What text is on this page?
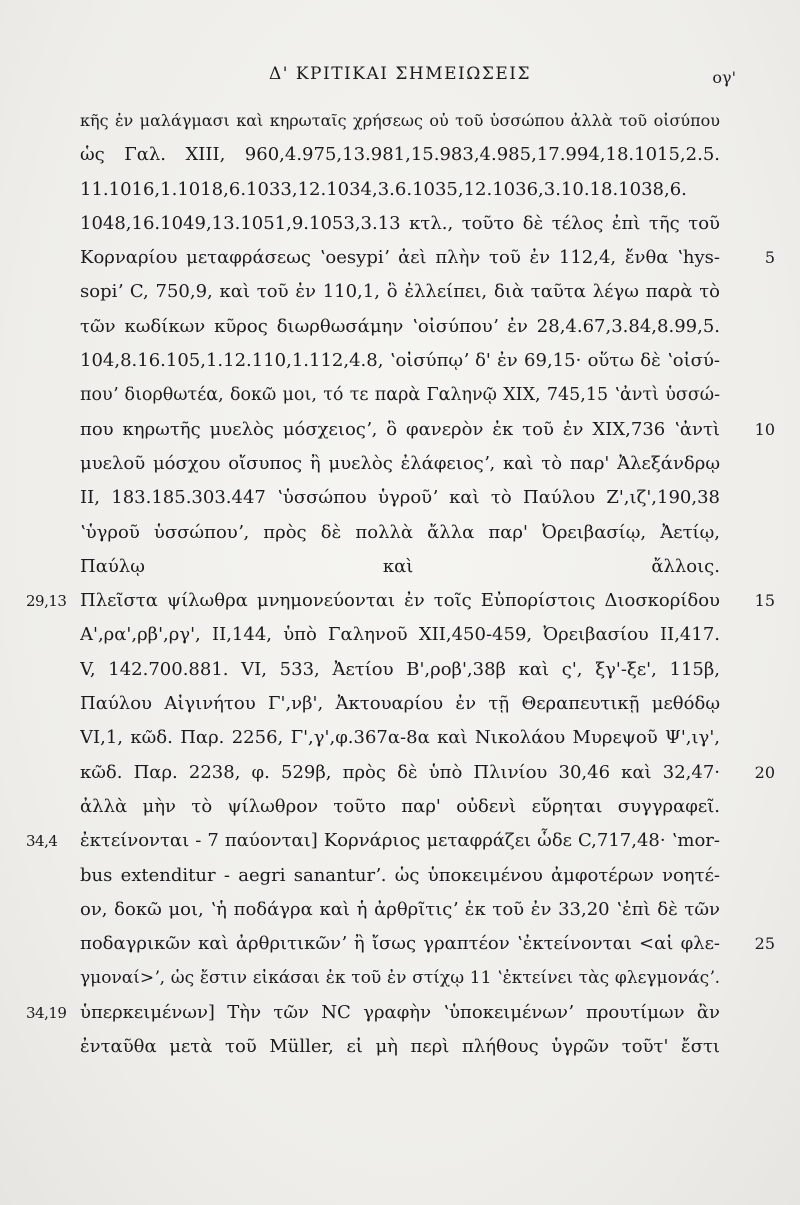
Δ' ΚΡΙΤΙΚΑΙ ΣΗΜΕΙΩΣΕΙΣ	ογ'
κῆς ἐν μαλάγμασι καὶ κηρωταῖς χρήσεως οὐ τοῦ ὑσσώπου ἀλλὰ τοῦ οἰσύπου
ὡς Γαλ. XIII, 960,4.975,13.981,15.983,4.985,17.994,18.1015,2.5.
11.1016,1.1018,6.1033,12.1034,3.6.1035,12.1036,3.10.18.1038,6.
1048,16.1049,13.1051,9.1053,3.13 κτλ., τοῦτο δὲ τέλος ἐπὶ τῆς τοῦ
Κορναρίου μεταφράσεως ʽoesypiʼ ἀεὶ πλὴν τοῦ ἐν 112,4, ἔνθα ʽhys-	5
sopiʼ C, 750,9, καὶ τοῦ ἐν 110,1, ὃ ἐλλείπει, διὰ ταῦτα λέγω παρὰ τὸ
τῶν κωδίκων κῦρος διωρθωσάμην ʽοἰσύπουʼ ἐν 28,4.67,3.84,8.99,5.
104,8.16.105,1.12.110,1.112,4.8, ʽοἰσύπῳʼ δ' ἐν 69,15· οὕτω δὲ ʽοἰσύ-
πουʼ διορθωτέα, δοκῶ μοι, τό τε παρὰ Γαληνῷ XIX, 745,15 ʽἀντὶ ὑσσώ-
που κηρωτῆς μυελὸς μόσχειοςʼ, ὃ φανερὸν ἐκ τοῦ ἐν XIX,736 ʽἀντὶ	10
μυελοῦ μόσχου οἴσυπος ἢ μυελὸς ἐλάφειοςʼ, καὶ τὸ παρ' Ἀλεξάνδρῳ
II, 183.185.303.447 ʽὑσσώπου ὑγροῦʼ καὶ τὸ Παύλου Ζ',ιζ',190,38
ʽὑγροῦ ὑσσώπουʼ, πρὸς δὲ πολλὰ ἄλλα παρ' Ὀρειβασίῳ, Ἀετίῳ,
Παύλῳ καὶ ἄλλοις.
29,13 Πλεῖστα ψίλωθρα μνημονεύονται ἐν τοῖς Εὐπορίστοις Διοσκορίδου	15
Α',ρα',ρβ',ργ', II,144, ὑπὸ Γαληνοῦ XII,450-459, Ὀρειβασίου II,417.
V, 142.700.881. VI, 533, Ἀετίου Β',ροβ',38β καὶ ς', ξγ'-ξε', 115β,
Παύλου Αἰγινήτου Γ',νβ', Ἀκτουαρίου ἐν τῇ Θεραπευτικῇ μεθόδῳ
VI,1, κῶδ. Παρ. 2256, Γ',γ',φ.367α-8α καὶ Νικολάου Μυρεψοῦ Ψ',ιγ',
κῶδ. Παρ. 2238, φ. 529β, πρὸς δὲ ὑπὸ Πλινίου 30,46 καὶ 32,47·	20
ἀλλὰ μὴν τὸ ψίλωθρον τοῦτο παρ' οὐδενὶ εὕρηται συγγραφεῖ.
34,4 ἐκτείνονται - 7 παύονται] Κορνάριος μεταφράζει ὧδε C,717,48· ʽmor-
bus extenditur - aegri sananturʼ. ὡς ὑποκειμένου ἀμφοτέρων νοητέ-
ον, δοκῶ μοι, ʽἡ ποδάγρα καὶ ἡ ἀρθρῖτιςʼ ἐκ τοῦ ἐν 33,20 ʽἐπὶ δὲ τῶν
ποδαγρικῶν καὶ ἀρθριτικῶνʼ ἢ ἴσως γραπτέον ʽἐκτείνονται <αἱ φλε-	25
γμοναί>ʼ, ὡς ἔστιν εἰκάσαι ἐκ τοῦ ἐν στίχῳ 11 ʽἐκτείνει τὰς φλεγμονάςʼ.
34,19 ὑπερκειμένων] Τὴν τῶν NC γραφὴν ʽὑποκειμένωνʼ προυτίμων ἂν
ἐνταῦθα μετὰ τοῦ Müller, εἰ μὴ περὶ πλήθους ὑγρῶν τοῦτ' ἔστι
